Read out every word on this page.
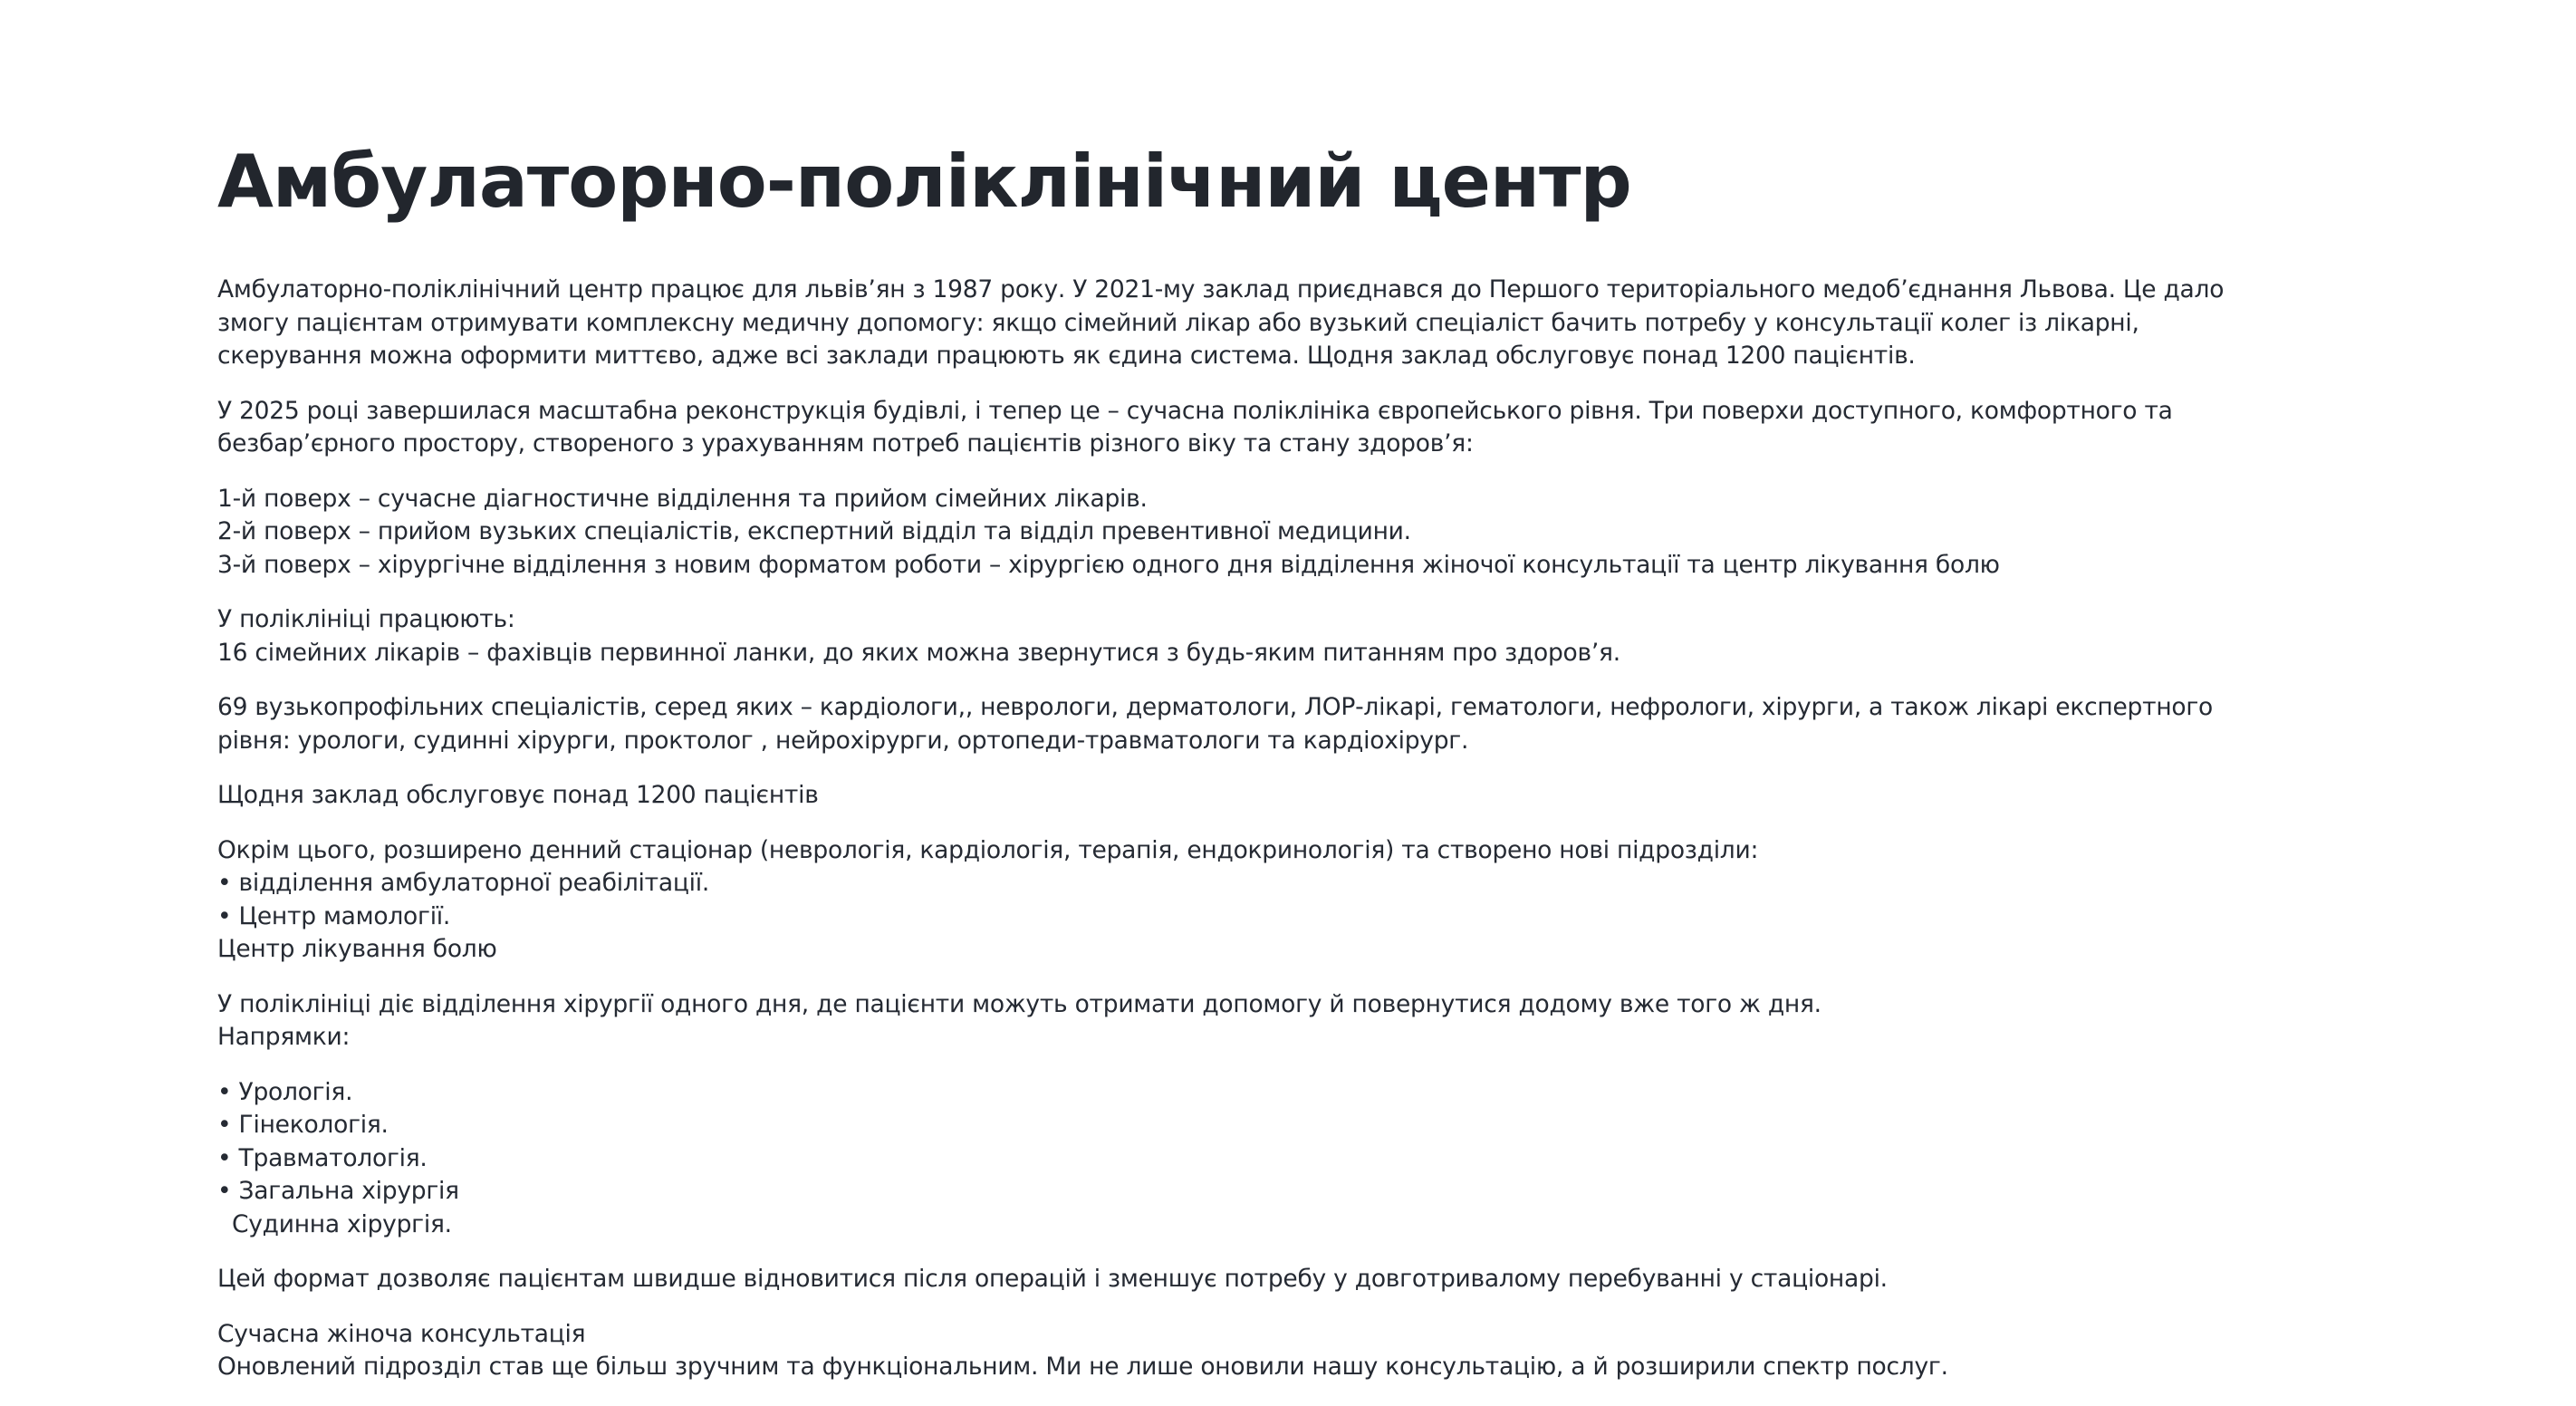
Амбулаторно-поліклінічний центр

Амбулаторно-поліклінічний центр працює для львів’ян з 1987 року. У 2021-му заклад приєднався до Першого територіального медоб’єднання Львова. Це дало
змогу пацієнтам отримувати комплексну медичну допомогу: якщо сімейний лікар або вузький спеціаліст бачить потребу у консультації колег із лікарні,
скерування можна оформити миттєво, адже всі заклади працюють як єдина система. Щодня заклад обслуговує понад 1200 пацієнтів.

У 2025 році завершилася масштабна реконструкція будівлі, і тепер це – сучасна поліклініка європейського рівня. Три поверхи доступного, комфортного та
безбар’єрного простору, створеного з урахуванням потреб пацієнтів різного віку та стану здоров’я:

1-й поверх – сучасне діагностичне відділення та прийом сімейних лікарів.
2-й поверх – прийом вузьких спеціалістів, експертний відділ та відділ превентивної медицини.
3-й поверх – хірургічне відділення з новим форматом роботи – хірургією одного дня відділення жіночої консультації та центр лікування болю

У поліклініці працюють:
16 сімейних лікарів – фахівців первинної ланки, до яких можна звернутися з будь-яким питанням про здоров’я.

69 вузькопрофільних спеціалістів, серед яких – кардіологи,, неврологи, дерматологи, ЛОР-лікарі, гематологи, нефрологи, хірурги, а також лікарі експертного
рівня: урологи, судинні хірурги, проктолог , нейрохірурги, ортопеди-травматологи та кардіохірург.

Щодня заклад обслуговує понад 1200 пацієнтів

Окрім цього, розширено денний стаціонар (неврологія, кардіологія, терапія, ендокринологія) та створено нові підрозділи:
• відділення амбулаторної реабілітації.
• Центр мамології.
Центр лікування болю

У поліклініці діє відділення хірургії одного дня, де пацієнти можуть отримати допомогу й повернутися додому вже того ж дня.
Напрямки:

• Урологія.
• Гінекологія.
• Травматологія.
• Загальна хірургія
Судинна хірургія.

Цей формат дозволяє пацієнтам швидше відновитися після операцій і зменшує потребу у довготривалому перебуванні у стаціонарі.

Сучасна жіноча консультація
Оновлений підрозділ став ще більш зручним та функціональним. Ми не лише оновили нашу консультацію, а й розширили спектр послуг.
